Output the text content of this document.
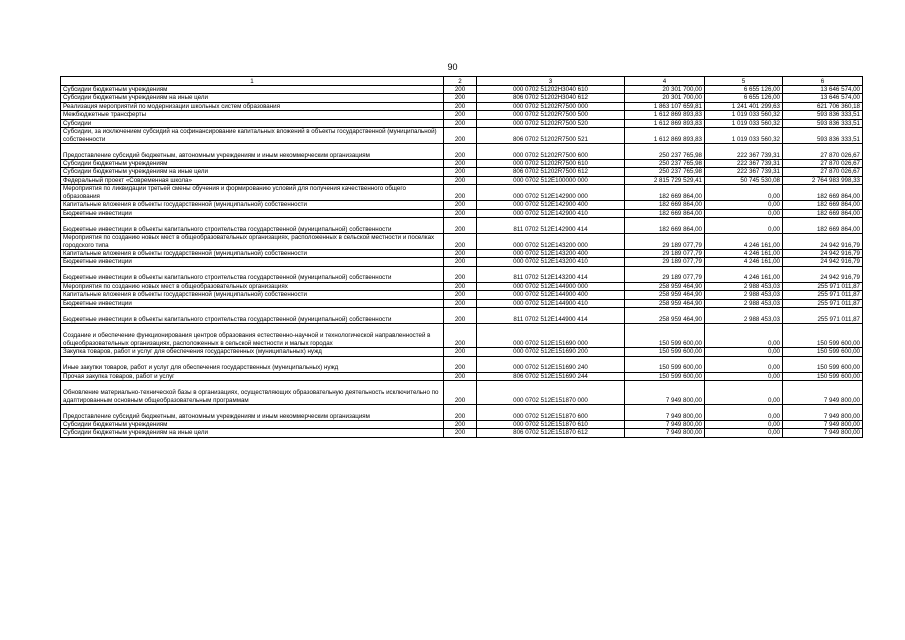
90
1	2	3	4	5	6
Субсидии бюджетным учреждениям	200	000 0702 51202H3040 610	20 301 700,00	6 655 126,00	13 646 574,00
Субсидии бюджетным учреждениям на иные цели	200	806 0702 51202H3040 612	20 301 700,00	6 655 126,00	13 646 574,00
Реализация мероприятий по модернизации школьных систем образования	200	000 0702 51202R7500 000	1 863 107 659,81	1 241 401 299,63	621 706 360,18
Межбюджетные трансферты	200	000 0702 51202R7500 500	1 612 869 893,83	1 019 033 560,32	593 836 333,51
Субсидии	200	000 0702 51202R7500 520	1 612 869 893,83	1 019 033 560,32	593 836 333,51
Субсидии, за исключением субсидий на софинансирование капитальных вложений в объекты государственной (муниципальной) собственности	200	806 0702 51202R7500 521	1 612 869 893,83	1 019 033 560,32	593 836 333,51
Предоставление субсидий бюджетным, автономным учреждениям и иным некоммерческим организациям	200	000 0702 51202R7500 600	250 237 765,98	222 367 739,31	27 870 026,67
Субсидии бюджетным учреждениям	200	000 0702 51202R7500 610	250 237 765,98	222 367 739,31	27 870 026,67
Субсидии бюджетным учреждениям на иные цели	200	806 0702 51202R7500 612	250 237 765,98	222 367 739,31	27 870 026,67
Федеральный проект «Современная школа»	200	000 0702 512E100000 000	2 815 729 529,41	50 745 530,08	2 764 983 998,33
Мероприятия по ликвидации третьей смены обучения и формированию условий для получения качественного общего образования	200	000 0702 512E142900 000	182 669 864,00	0,00	182 669 864,00
Капитальные вложения в объекты государственной (муниципальной) собственности	200	000 0702 512E142900 400	182 669 864,00	0,00	182 669 864,00
Бюджетные инвестиции	200	000 0702 512E142900 410	182 669 864,00	0,00	182 669 864,00
Бюджетные инвестиции в объекты капитального строительства государственной (муниципальной) собственности	200	811 0702 512E142900 414	182 669 864,00	0,00	182 669 864,00
Мероприятия по созданию новых мест в общеобразовательных организациях, расположенных в сельской местности и поселках городского типа	200	000 0702 512E143200 000	29 189 077,79	4 246 161,00	24 942 916,79
Капитальные вложения в объекты государственной (муниципальной) собственности	200	000 0702 512E143200 400	29 189 077,79	4 246 161,00	24 942 916,79
Бюджетные инвестиции	200	000 0702 512E143200 410	29 189 077,79	4 246 161,00	24 942 916,79
Бюджетные инвестиции в объекты капитального строительства государственной (муниципальной) собственности	200	811 0702 512E143200 414	29 189 077,79	4 246 161,00	24 942 916,79
Мероприятия по созданию новых мест в общеобразовательных организациях	200	000 0702 512E144900 000	258 959 464,90	2 988 453,03	255 971 011,87
Капитальные вложения в объекты государственной (муниципальной) собственности	200	000 0702 512E144900 400	258 959 464,90	2 988 453,03	255 971 011,87
Бюджетные инвестиции	200	000 0702 512E144900 410	258 959 464,90	2 988 453,03	255 971 011,87
Бюджетные инвестиции в объекты капитального строительства государственной (муниципальной) собственности	200	811 0702 512E144900 414	258 959 464,90	2 988 453,03	255 971 011,87
Создание и обеспечение функционирования центров образования естественно-научной и технологической направленностей в общеобразовательных организациях, расположенных в сельской местности и малых городах	200	000 0702 512E151690 000	150 599 600,00	0,00	150 599 600,00
Закупка товаров, работ и услуг для обеспечения государственных (муниципальных) нужд	200	000 0702 512E151690 200	150 599 600,00	0,00	150 599 600,00
Иные закупки товаров, работ и услуг для обеспечения государственных (муниципальных) нужд	200	000 0702 512E151690 240	150 599 600,00	0,00	150 599 600,00
Прочая закупка товаров, работ и услуг	200	806 0702 512E151690 244	150 599 600,00	0,00	150 599 600,00
Обновление материально-технической базы в организациях, осуществляющих образовательную деятельность исключительно по адаптированным основным общеобразовательным программам	200	000 0702 512E151870 000	7 949 800,00	0,00	7 949 800,00
Предоставление субсидий бюджетным, автономным учреждениям и иным некоммерческим организациям	200	000 0702 512E151870 600	7 949 800,00	0,00	7 949 800,00
Субсидии бюджетным учреждениям	200	000 0702 512E151870 610	7 949 800,00	0,00	7 949 800,00
Субсидии бюджетным учреждениям на иные цели	200	806 0702 512E151870 612	7 949 800,00	0,00	7 949 800,00
